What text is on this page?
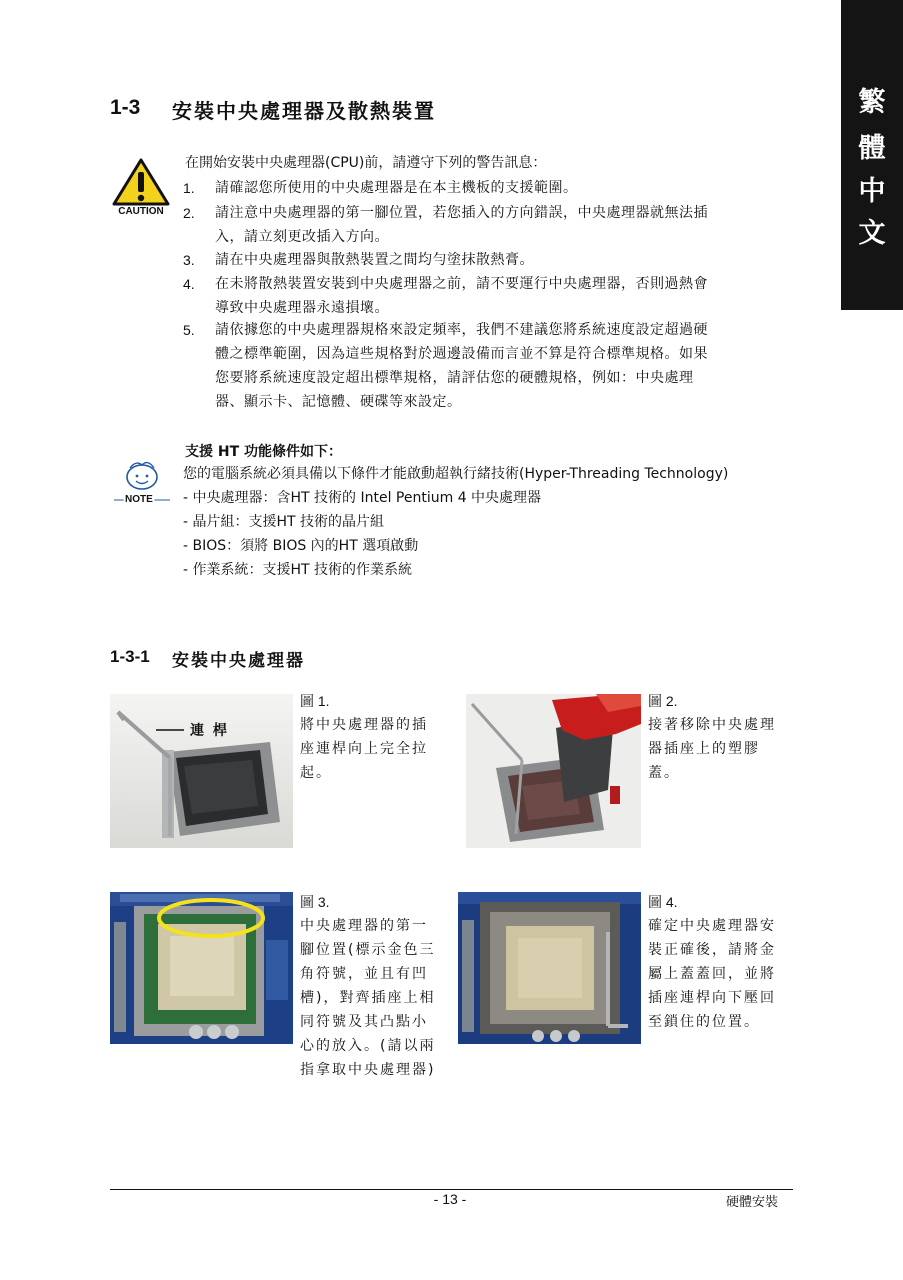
繁
體
中
文
1-3 安裝中央處理器及散熱裝置
CAUTION
在開始安裝中央處理器(CPU)前，請遵守下列的警告訊息：
1. 請確認您所使用的中央處理器是在本主機板的支援範圍。
2. 請注意中央處理器的第一腳位置，若您插入的方向錯誤，中央處理器就無法插
入，請立刻更改插入方向。
3. 請在中央處理器與散熱裝置之間均勻塗抹散熱膏。
4. 在未將散熱裝置安裝到中央處理器之前，請不要運行中央處理器，否則過熱會
導致中央處理器永遠損壞。
5. 請依據您的中央處理器規格來設定頻率，我們不建議您將系統速度設定超過硬
體之標準範圍，因為這些規格對於週邊設備而言並不算是符合標準規格。如果
您要將系統速度設定超出標準規格，請評估您的硬體規格，例如：中央處理
器、顯示卡、記憶體、硬碟等來設定。
NOTE
支援 HT 功能條件如下：
您的電腦系統必須具備以下條件才能啟動超執行緒技術(Hyper-Threading Technology)
- 中央處理器：含HT 技術的 Intel Pentium 4 中央處理器
- 晶片組：支援HT 技術的晶片組
- BIOS：須將 BIOS 內的HT 選項啟動
- 作業系統：支援HT 技術的作業系統
1-3-1 安裝中央處理器
連 桿
圖 1.
將中央處理器的插
座連桿向上完全拉
起。
圖 2.
接著移除中央處理
器插座上的塑膠
蓋。
圖 3.
中央處理器的第一
腳位置(標示金色三
角符號，並且有凹
槽)，對齊插座上相
同符號及其凸點小
心的放入。(請以兩
指拿取中央處理器)
圖 4.
確定中央處理器安
裝正確後，請將金
屬上蓋蓋回，並將
插座連桿向下壓回
至鎖住的位置。
- 13 -	硬體安裝
